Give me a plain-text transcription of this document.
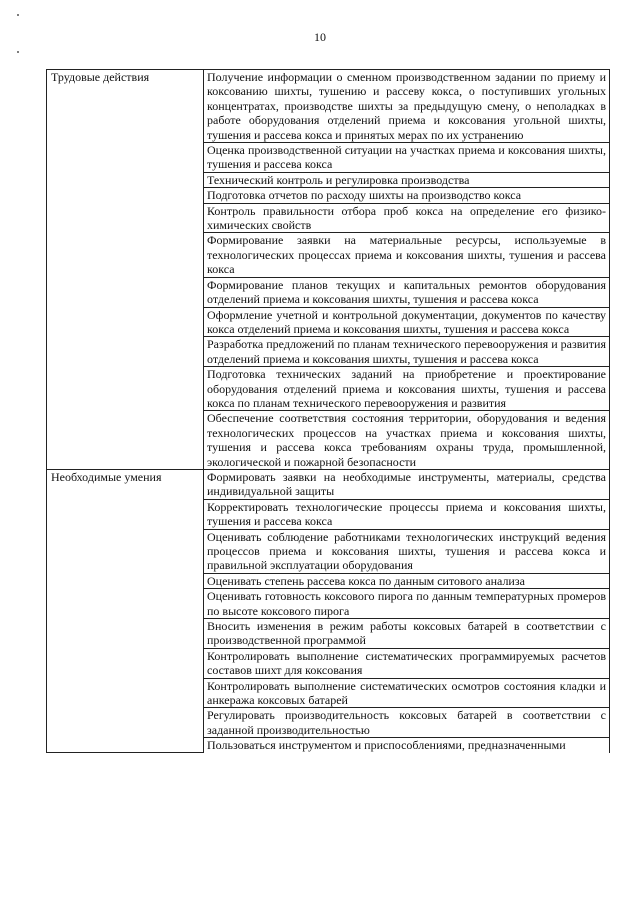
10
Трудовые действия	Получение информации о сменном производственном задании по приему и коксованию шихты, тушению и рассеву кокса, о поступивших угольных концентратах, производстве шихты за предыдущую смену, о неполадках в работе оборудования отделений приема и коксования угольной шихты, тушения и рассева кокса и принятых мерах по их устранению
	Оценка производственной ситуации на участках приема и коксования шихты, тушения и рассева кокса
	Технический контроль и регулировка производства
	Подготовка отчетов по расходу шихты на производство кокса
	Контроль правильности отбора проб кокса на определение его физико-химических свойств
	Формирование заявки на материальные ресурсы, используемые в технологических процессах приема и коксования шихты, тушения и рассева кокса
	Формирование планов текущих и капитальных ремонтов оборудования отделений приема и коксования шихты, тушения и рассева кокса
	Оформление учетной и контрольной документации, документов по качеству кокса отделений приема и коксования шихты, тушения и рассева кокса
	Разработка предложений по планам технического перевооружения и развития отделений приема и коксования шихты, тушения и рассева кокса
	Подготовка технических заданий на приобретение и проектирование оборудования отделений приема и коксования шихты, тушения и рассева кокса по планам технического перевооружения и развития
	Обеспечение соответствия состояния территории, оборудования и ведения технологических процессов на участках приема и коксования шихты, тушения и рассева кокса требованиям охраны труда, промышленной, экологической и пожарной безопасности
Необходимые умения	Формировать заявки на необходимые инструменты, материалы, средства индивидуальной защиты
	Корректировать технологические процессы приема и коксования шихты, тушения и рассева кокса
	Оценивать соблюдение работниками технологических инструкций ведения процессов приема и коксования шихты, тушения и рассева кокса и правильной эксплуатации оборудования
	Оценивать степень рассева кокса по данным ситового анализа
	Оценивать готовность коксового пирога по данным температурных промеров по высоте коксового пирога
	Вносить изменения в режим работы коксовых батарей в соответствии с производственной программой
	Контролировать выполнение систематических программируемых расчетов составов шихт для коксования
	Контролировать выполнение систематических осмотров состояния кладки и анкеража коксовых батарей
	Регулировать производительность коксовых батарей в соответствии с заданной производительностью
	Пользоваться инструментом и приспособлениями, предназначенными
